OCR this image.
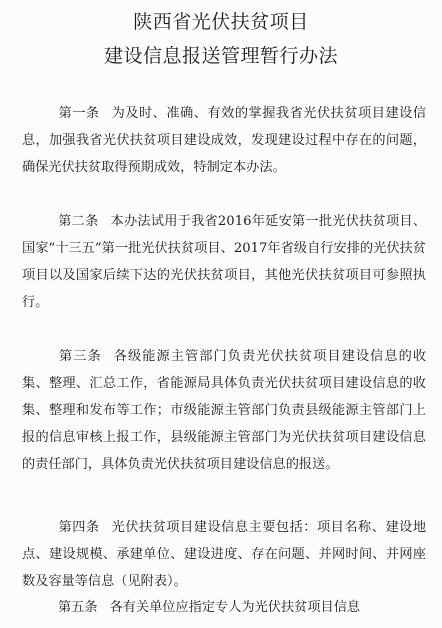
陕西省光伏扶贫项目
建设信息报送管理暂行办法

第一条 为及时、准确、有效的掌握我省光伏扶贫项目建设信息，加强我省光伏扶贫项目建设成效，发现建设过程中存在的问题，确保光伏扶贫取得预期成效，特制定本办法。

第二条 本办法试用于我省2016年延安第一批光伏扶贫项目、国家“十三五”第一批光伏扶贫项目、2017年省级自行安排的光伏扶贫项目以及国家后续下达的光伏扶贫项目，其他光伏扶贫项目可参照执行。

第三条 各级能源主管部门负责光伏扶贫项目建设信息的收集、整理、汇总工作，省能源局具体负责光伏扶贫项目建设信息的收集、整理和发布等工作；市级能源主管部门负责县级能源主管部门上报的信息审核上报工作，县级能源主管部门为光伏扶贫项目建设信息的责任部门，具体负责光伏扶贫项目建设信息的报送。

第四条 光伏扶贫项目建设信息主要包括：项目名称、建设地点、建设规模、承建单位、建设进度、存在问题、并网时间、并网座数及容量等信息（见附表）。

第五条 各有关单位应指定专人为光伏扶贫项目信息
